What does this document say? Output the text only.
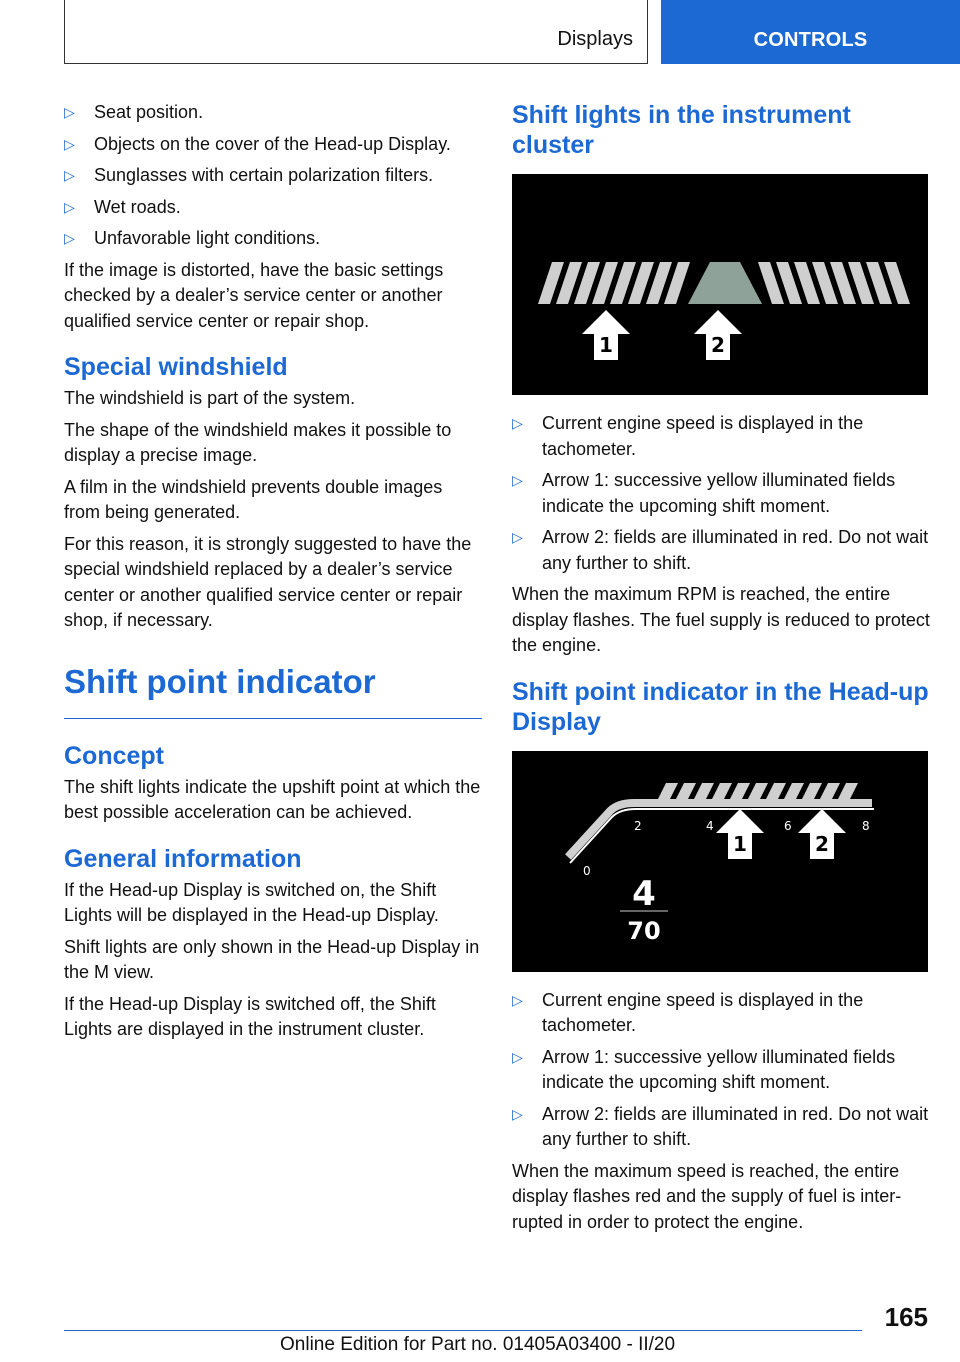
Displays	CONTROLS
▷ Seat position.
▷ Objects on the cover of the Head-up Display.
▷ Sunglasses with certain polarization filters.
▷ Wet roads.
▷ Unfavorable light conditions.

If the image is distorted, have the basic settings checked by a dealer’s service center or another qualified service center or repair shop.

Special windshield

The windshield is part of the system.

The shape of the windshield makes it possible to display a precise image.

A film in the windshield prevents double images from being generated.

For this reason, it is strongly suggested to have the special windshield replaced by a dealer’s service center or another qualified service center or repair shop, if necessary.

Shift point indicator
Concept

The shift lights indicate the upshift point at which the best possible acceleration can be achieved.

General information

If the Head-up Display is switched on, the Shift Lights will be displayed in the Head-up Display.

Shift lights are only shown in the Head-up Display in the M view.

If the Head-up Display is switched off, the Shift Lights are displayed in the instrument cluster.

Shift lights in the instrument cluster
1	2
▷ Current engine speed is displayed in the tachometer.
▷ Arrow 1: successive yellow illuminated fields indicate the upcoming shift moment.
▷ Arrow 2: fields are illuminated in red. Do not wait any further to shift.

When the maximum RPM is reached, the entire display flashes. The fuel supply is reduced to protect the engine.

Shift point indicator in the Head-up Display
0
2	4	6	8
1	2
4
70
▷ Current engine speed is displayed in the tachometer.
▷ Arrow 1: successive yellow illuminated fields indicate the upcoming shift moment.
▷ Arrow 2: fields are illuminated in red. Do not wait any further to shift.

When the maximum speed is reached, the entire display flashes red and the supply of fuel is interrupted in order to protect the engine.

165
Online Edition for Part no. 01405A03400 - II/20
